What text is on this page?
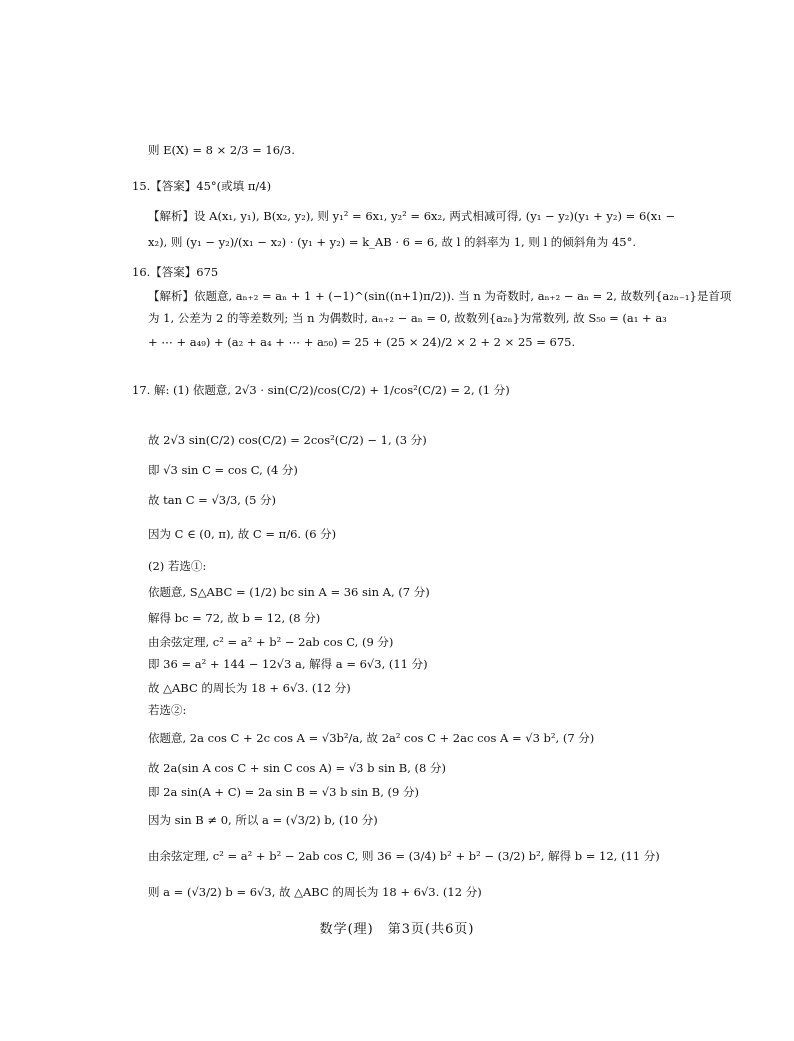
则 E(X) = 8 × 2/3 = 16/3.
15.【答案】45°(或填 π/4)
【解析】设 A(x₁, y₁), B(x₂, y₂), 则 y₁² = 6x₁, y₂² = 6x₂, 两式相减可得, (y₁ − y₂)(y₁ + y₂) = 6(x₁ −
x₂), 则 (y₁ − y₂)/(x₁ − x₂) · (y₁ + y₂) = k_AB · 6 = 6, 故 l 的斜率为 1, 则 l 的倾斜角为 45°.
16.【答案】675
【解析】依题意, aₙ₊₂ = aₙ + 1 + (−1)^(sin((n+1)π/2)). 当 n 为奇数时, aₙ₊₂ − aₙ = 2, 故数列{a₂ₙ₋₁}是首项
为 1, 公差为 2 的等差数列; 当 n 为偶数时, aₙ₊₂ − aₙ = 0, 故数列{a₂ₙ}为常数列, 故 S₅₀ = (a₁ + a₃
+ ⋯ + a₄₉) + (a₂ + a₄ + ⋯ + a₅₀) = 25 + (25 × 24)/2 × 2 + 2 × 25 = 675.
17. 解: (1) 依题意, 2√3 · sin(C/2)/cos(C/2) + 1/cos²(C/2) = 2, (1 分)
故 2√3 sin(C/2) cos(C/2) = 2cos²(C/2) − 1, (3 分)
即 √3 sin C = cos C, (4 分)
故 tan C = √3/3, (5 分)
因为 C ∈ (0, π), 故 C = π/6. (6 分)
(2) 若选①:
依题意, S△ABC = (1/2) bc sin A = 36 sin A, (7 分)
解得 bc = 72, 故 b = 12, (8 分)
由余弦定理, c² = a² + b² − 2ab cos C, (9 分)
即 36 = a² + 144 − 12√3 a, 解得 a = 6√3, (11 分)
故 △ABC 的周长为 18 + 6√3. (12 分)
若选②:
依题意, 2a cos C + 2c cos A = √3b²/a, 故 2a² cos C + 2ac cos A = √3 b², (7 分)
故 2a(sin A cos C + sin C cos A) = √3 b sin B, (8 分)
即 2a sin(A + C) = 2a sin B = √3 b sin B, (9 分)
因为 sin B ≠ 0, 所以 a = (√3/2) b, (10 分)
由余弦定理, c² = a² + b² − 2ab cos C, 则 36 = (3/4) b² + b² − (3/2) b², 解得 b = 12, (11 分)
则 a = (√3/2) b = 6√3, 故 △ABC 的周长为 18 + 6√3. (12 分)
数学(理)　第3页(共6页)
